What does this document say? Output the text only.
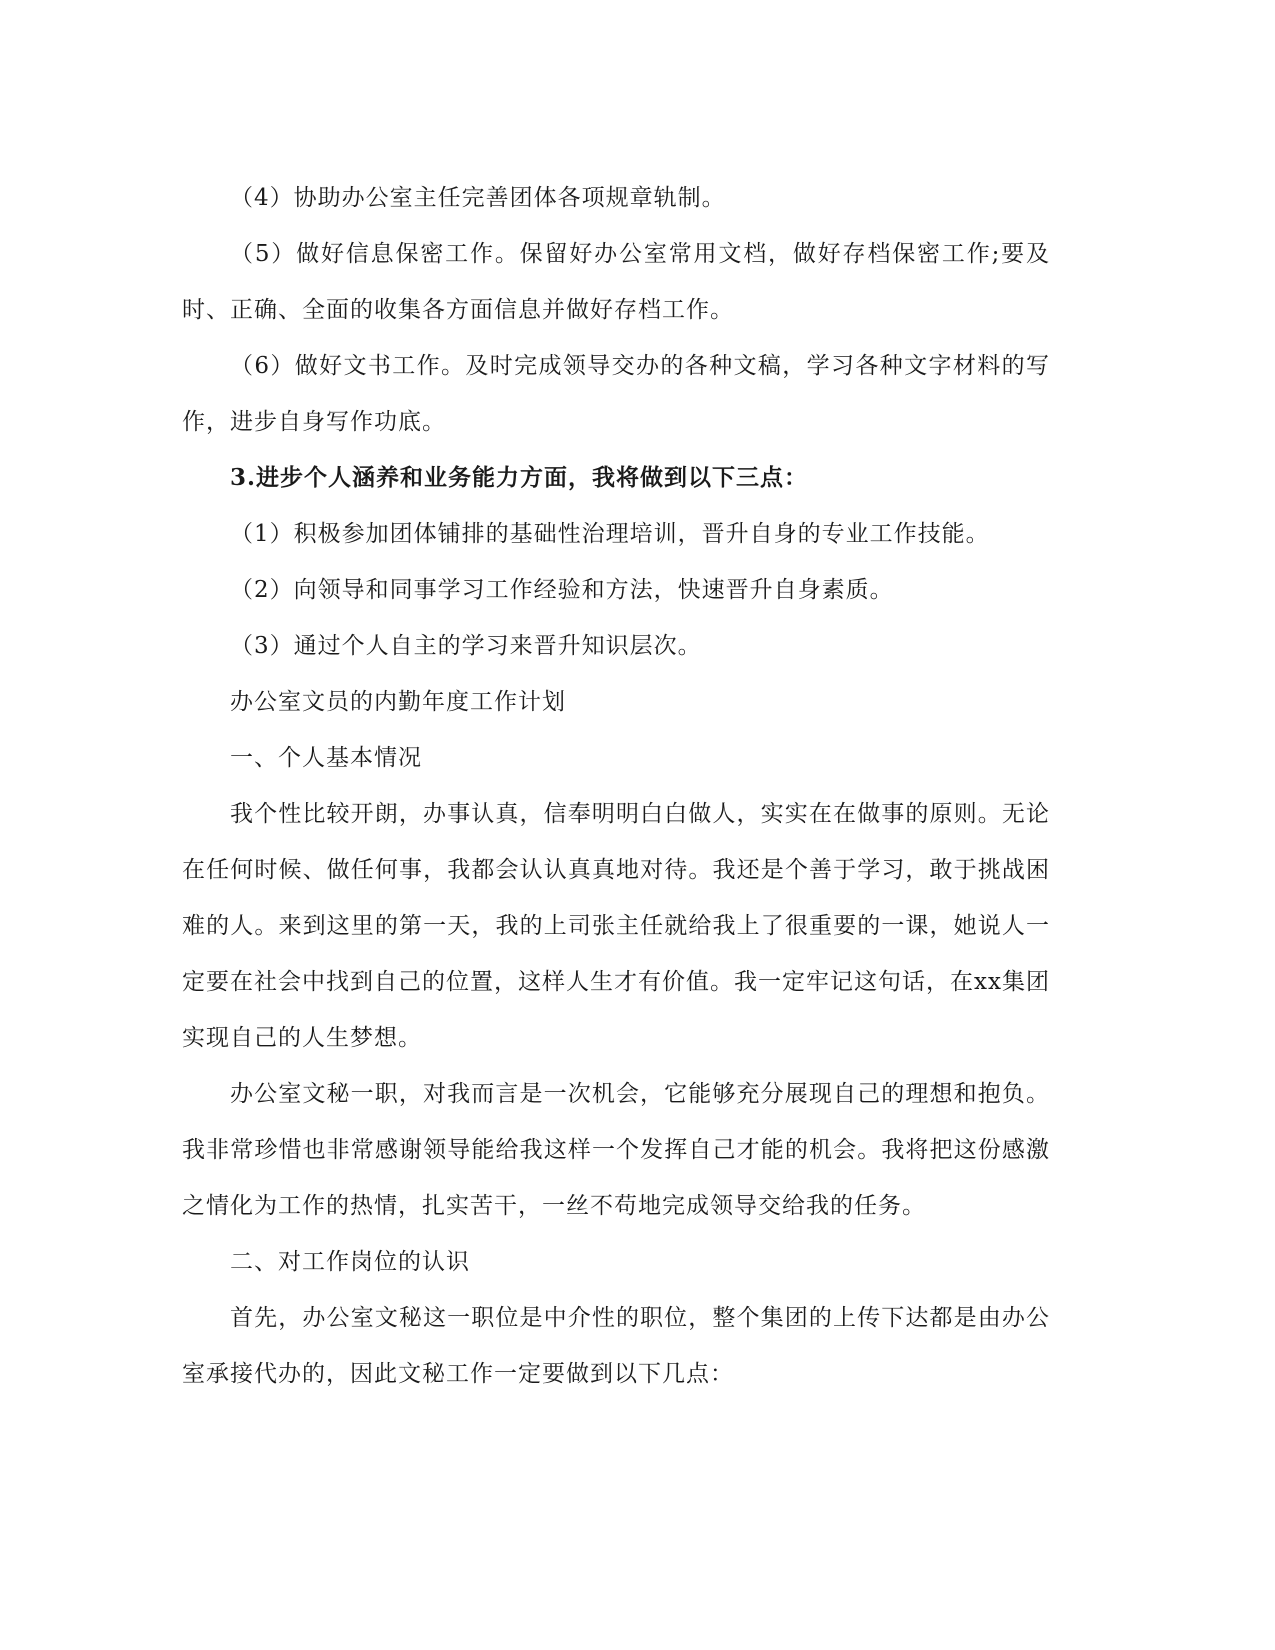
（4）协助办公室主任完善团体各项规章轨制。

（5）做好信息保密工作。保留好办公室常用文档，做好存档保密工作;要及时、正确、全面的收集各方面信息并做好存档工作。

（6）做好文书工作。及时完成领导交办的各种文稿，学习各种文字材料的写作，进步自身写作功底。

3.进步个人涵养和业务能力方面，我将做到以下三点：

（1）积极参加团体铺排的基础性治理培训，晋升自身的专业工作技能。

（2）向领导和同事学习工作经验和方法，快速晋升自身素质。

（3）通过个人自主的学习来晋升知识层次。

办公室文员的内勤年度工作计划

一、个人基本情况

我个性比较开朗，办事认真，信奉明明白白做人，实实在在做事的原则。无论在任何时候、做任何事，我都会认认真真地对待。我还是个善于学习，敢于挑战困难的人。来到这里的第一天，我的上司张主任就给我上了很重要的一课，她说人一定要在社会中找到自己的位置，这样人生才有价值。我一定牢记这句话，在xx集团实现自己的人生梦想。

办公室文秘一职，对我而言是一次机会，它能够充分展现自己的理想和抱负。我非常珍惜也非常感谢领导能给我这样一个发挥自己才能的机会。我将把这份感激之情化为工作的热情，扎实苦干，一丝不苟地完成领导交给我的任务。

二、对工作岗位的认识

首先，办公室文秘这一职位是中介性的职位，整个集团的上传下达都是由办公室承接代办的，因此文秘工作一定要做到以下几点：
